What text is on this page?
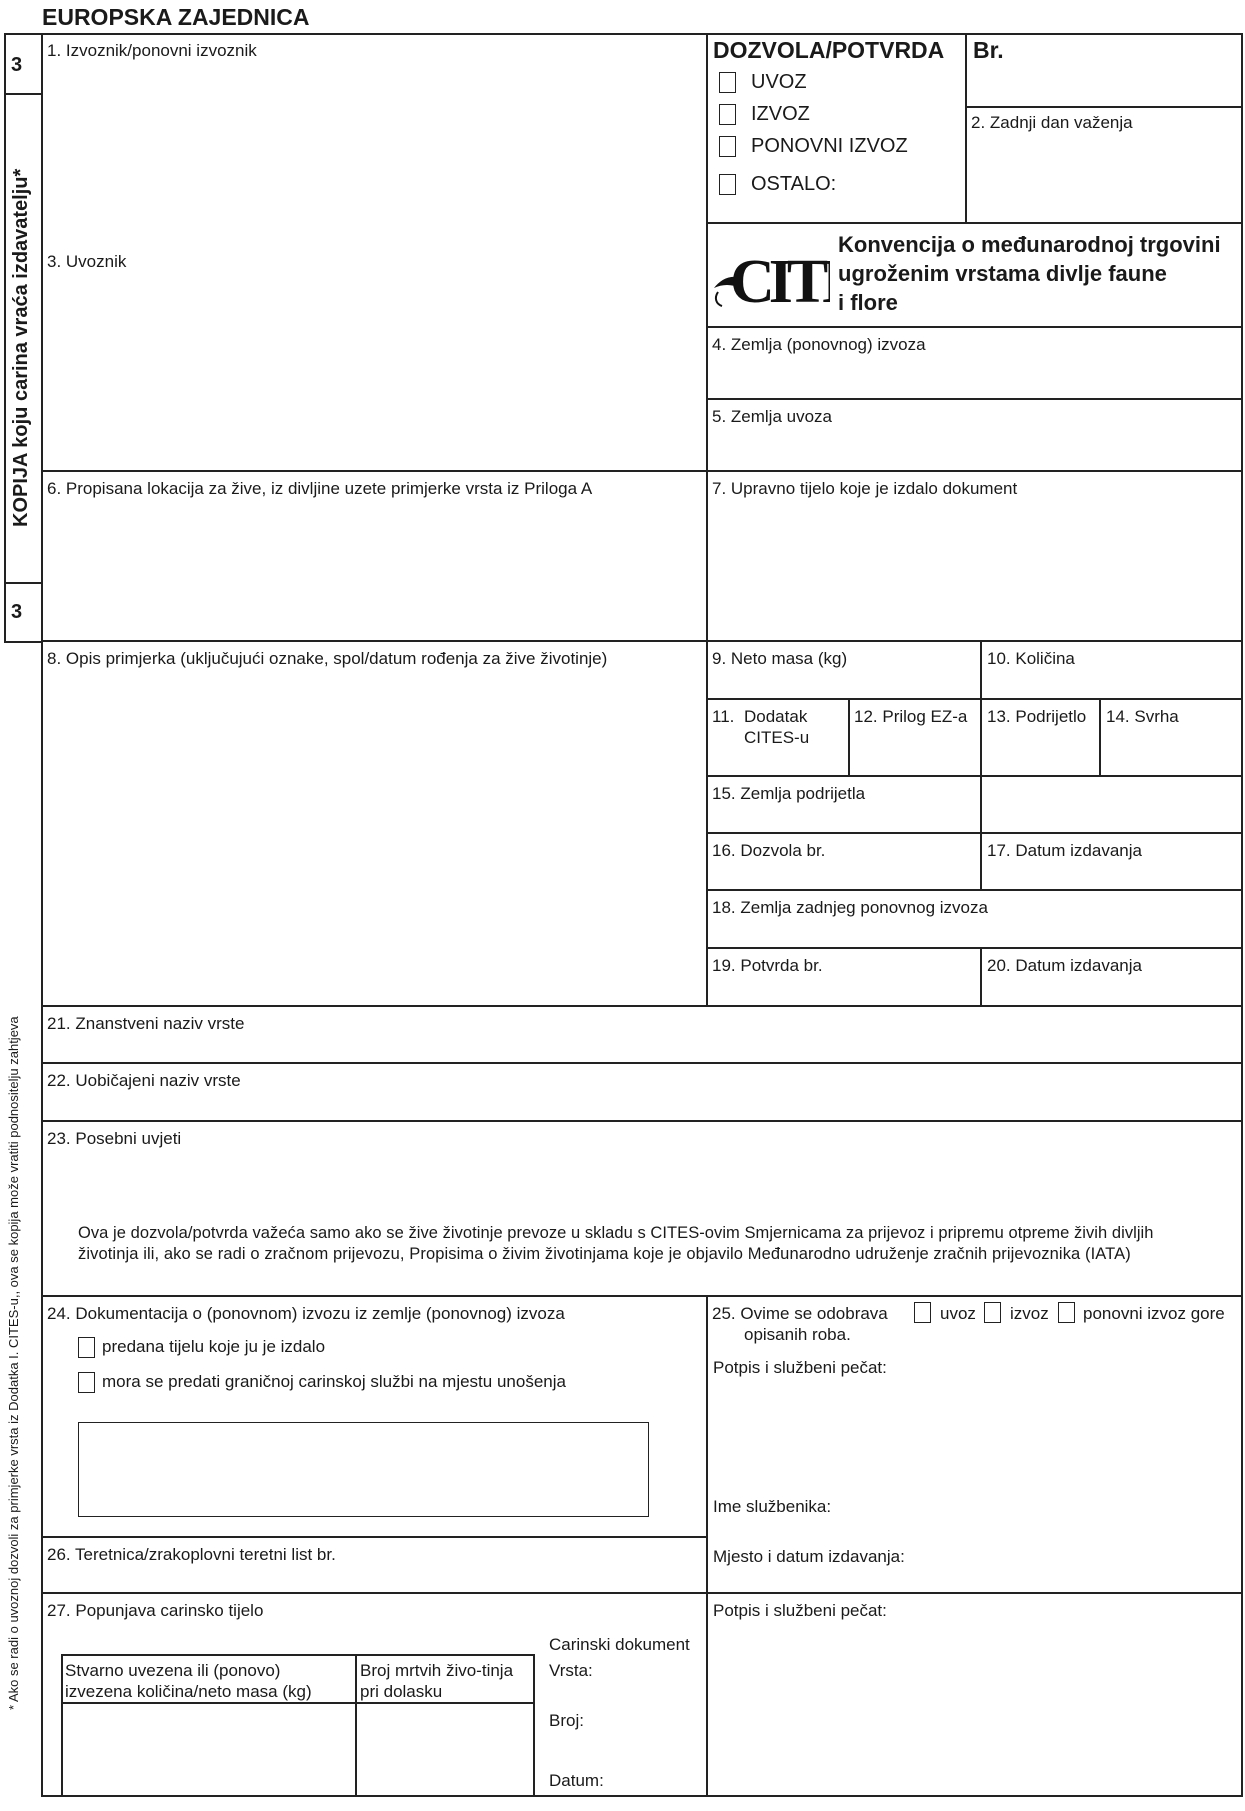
EUROPSKA ZAJEDNICA
3
3
KOPIJA koju carina vraća izdavatelju*
* Ako se radi o uvoznoj dozvoli za primjerke vrsta iz Dodatka I. CITES-u,, ova se kopija može vratiti podnositelju zahtjeva
1. Izvoznik/ponovni izvoznik	DOZVOLA/POTVRDA Br.
UVOZ
IZVOZ
PONOVNI IZVOZ
OSTALO:
2. Zadnji dan važenja
CIT
Konvencija o međunarodnoj trgovini
ugroženim vrstama divlje faune
i flore
3. Uvoznik
4. Zemlja (ponovnog) izvoza
5. Zemlja uvoza
6. Propisana lokacija za žive, iz divljine uzete primjerke vrsta iz Priloga A	7. Upravno tijelo koje je izdalo dokument
8. Opis primjerka (uključujući oznake, spol/datum rođenja za žive životinje)	9. Neto masa (kg)	10. Količina
11. Dodatak
CITES-u
12. Prilog EZ-a 13. Podrijetlo 14. Svrha
15. Zemlja podrijetla
16. Dozvola br.	17. Datum izdavanja
18. Zemlja zadnjeg ponovnog izvoza
19. Potvrda br.	20. Datum izdavanja
21. Znanstveni naziv vrste
22. Uobičajeni naziv vrste
23. Posebni uvjeti
Ova je dozvola/potvrda važeća samo ako se žive životinje prevoze u skladu s CITES-ovim Smjernicama za prijevoz i pripremu otpreme živih divljih
životinja ili, ako se radi o zračnom prijevozu, Propisima o živim životinjama koje je objavilo Međunarodno udruženje zračnih prijevoznika (IATA)
24. Dokumentacija o (ponovnom) izvozu iz zemlje (ponovnog) izvoza
predana tijelu koje ju je izdalo
mora se predati graničnoj carinskoj službi na mjestu unošenja
25. Ovime se odobrava	uvoz izvoz ponovni izvoz gore
opisanih roba.
Potpis i službeni pečat:
Ime službenika:
Mjesto i datum izdavanja:
26. Teretnica/zrakoplovni teretni list br.
27. Popunjava carinsko tijelo	Potpis i službeni pečat:
Stvarno uvezena ili (ponovo)
izvezena količina/neto masa (kg)
Broj mrtvih živo-tinja
pri dolasku
Carinski dokument
Vrsta:
Broj:
Datum:
